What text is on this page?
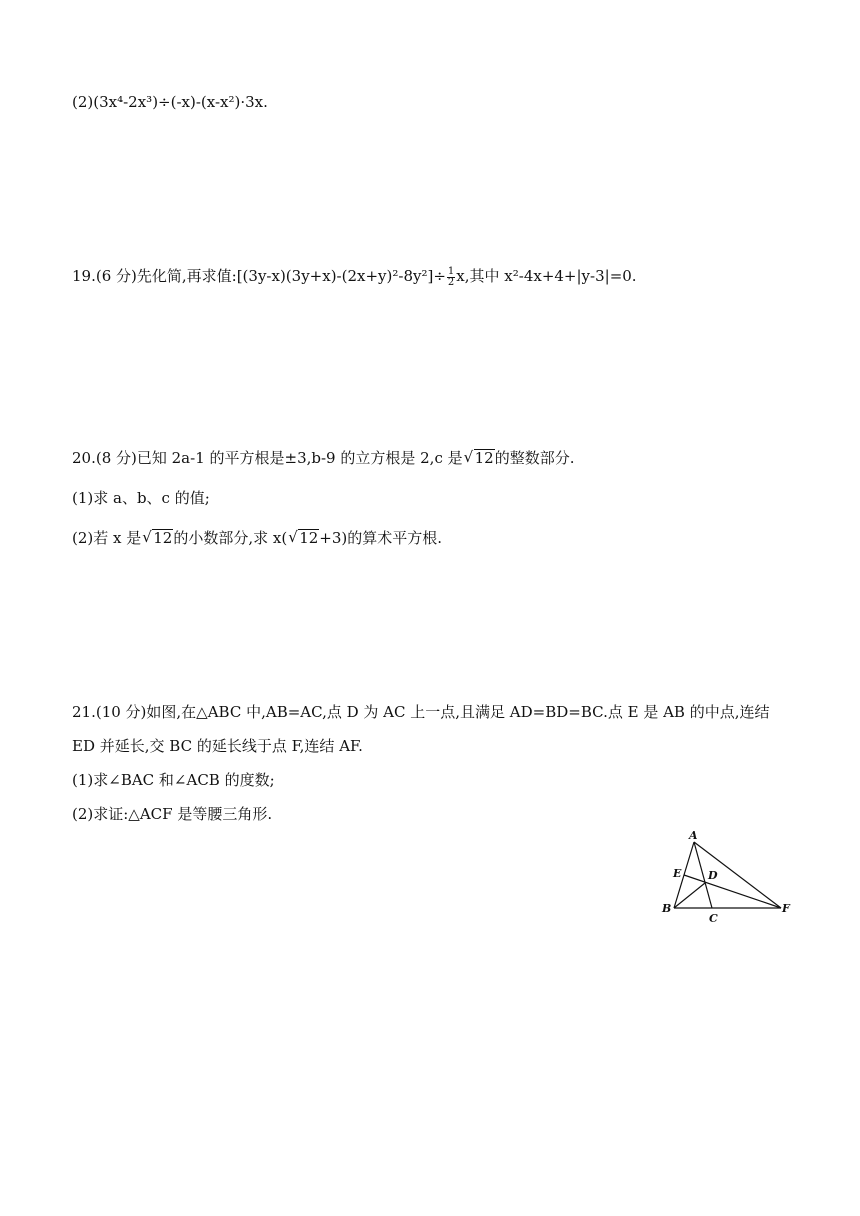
(2)(3x⁴-2x³)÷(-x)-(x-x²)·3x.
19.(6 分)先化简,再求值:[(3y-x)(3y+x)-(2x+y)²-8y²]÷ $\frac{1}{2} x$,其中 x²-4x+4+|y-3|=0.
20.(8 分)已知 2a-1 的平方根是±3,b-9 的立方根是 2,c 是 √ 12的整数部分.
(1)求 a、b、c 的值;
(2)若 x 是 √ 12的小数部分,求 x( √ 12+3)的算术平方根.
21.(10 分)如图,在△ABC 中,AB=AC,点 D 为 AC 上一点,且满足 AD=BD=BC.点 E 是 AB 的中点,连结
ED 并延长,交 BC 的延长线于点 F,连结 AF.
(1)求∠BAC 和∠ACB 的度数;
(2)求证:△ACF 是等腰三角形.
A
B
C
D
E
F
